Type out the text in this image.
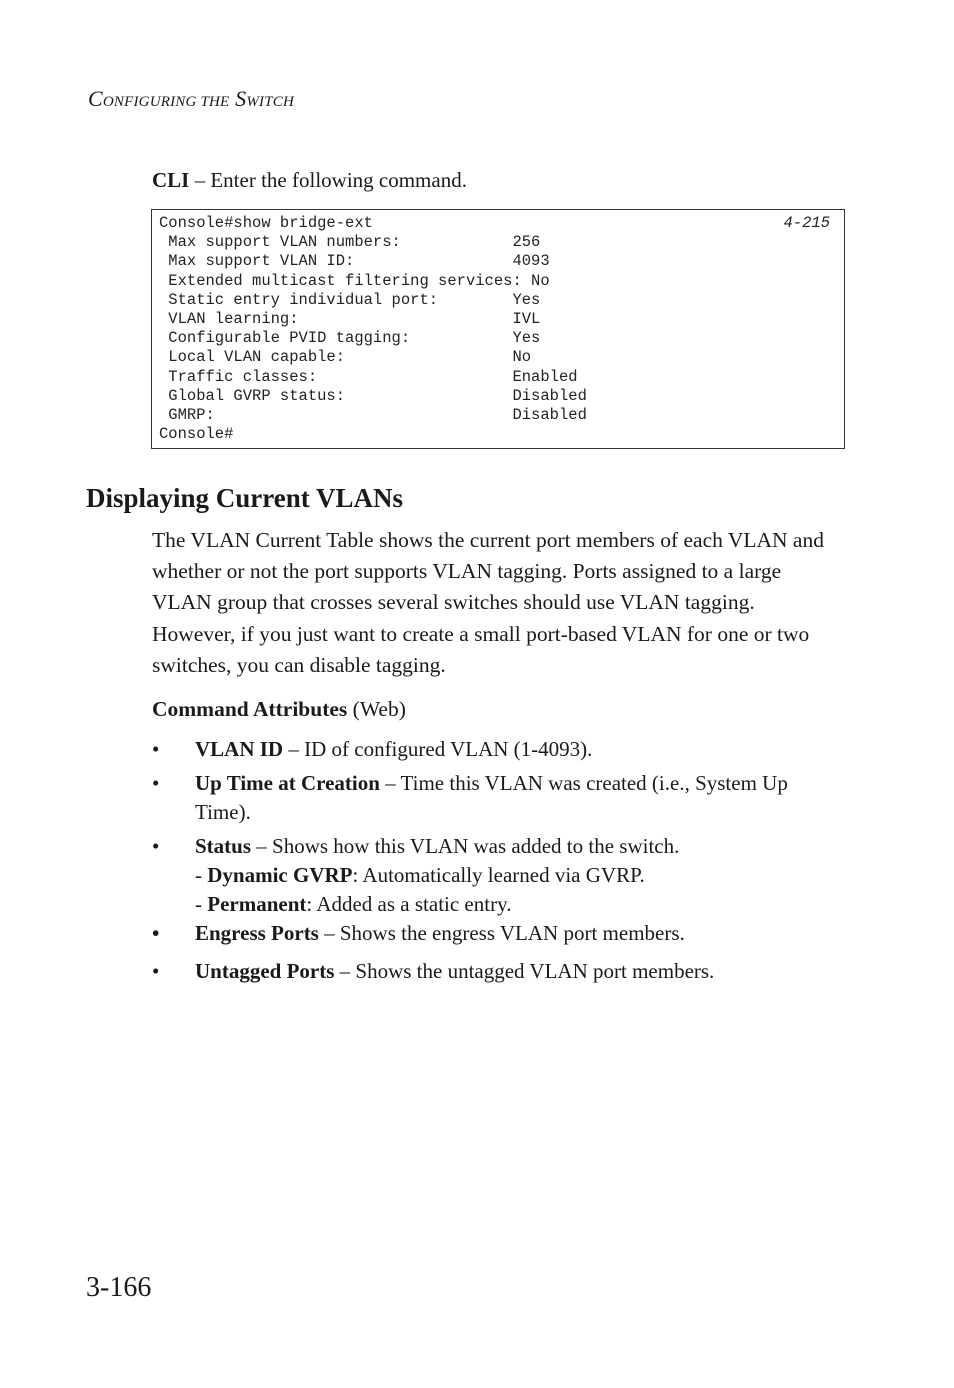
CONFIGURING THE SWITCH
CLI – Enter the following command.
Console#show bridge-ext
Max support VLAN numbers:            256
Max support VLAN ID:                 4093
Extended multicast filtering services: No
Static entry individual port:        Yes
VLAN learning:                       IVL
Configurable PVID tagging:           Yes
Local VLAN capable:                  No
Traffic classes:                     Enabled
Global GVRP status:                  Disabled
GMRP:                                Disabled
Console#
4-215
Displaying Current VLANs

The VLAN Current Table shows the current port members of each VLAN and whether or not the port supports VLAN tagging. Ports assigned to a large VLAN group that crosses several switches should use VLAN tagging. However, if you just want to create a small port-based VLAN for one or two switches, you can disable tagging.

Command Attributes (Web)

• VLAN ID – ID of configured VLAN (1-4093).
• Up Time at Creation – Time this VLAN was created (i.e., System Up Time).
• Status – Shows how this VLAN was added to the switch.
- Dynamic GVRP: Automatically learned via GVRP.
- Permanent: Added as a static entry.
• Engress Ports – Shows the engress VLAN port members.
• Untagged Ports – Shows the untagged VLAN port members.
3-166
